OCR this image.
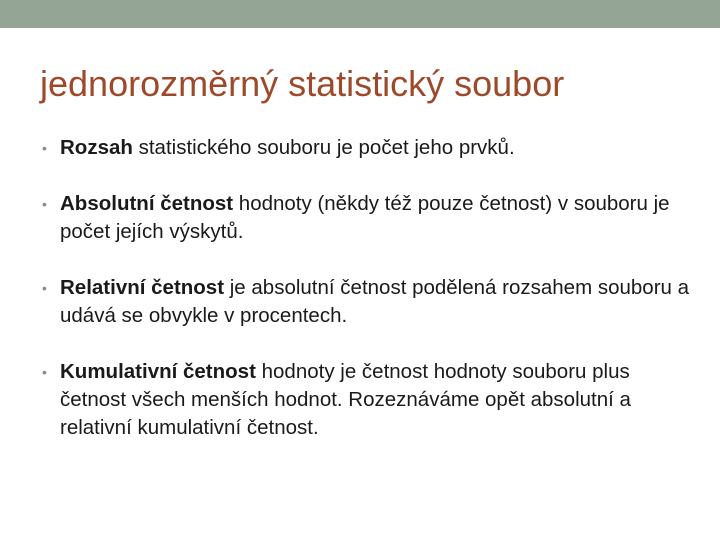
jednorozměrný statistický soubor
• Rozsah statistického souboru je počet jeho prvků.
• Absolutní četnost hodnoty (někdy též pouze četnost) v souboru je počet jejích výskytů.
• Relativní četnost je absolutní četnost podělená rozsahem souboru a udává se obvykle v procentech.
• Kumulativní četnost hodnoty je četnost hodnoty souboru plus četnost všech menších hodnot. Rozeznáváme opět absolutní a relativní kumulativní četnost.
